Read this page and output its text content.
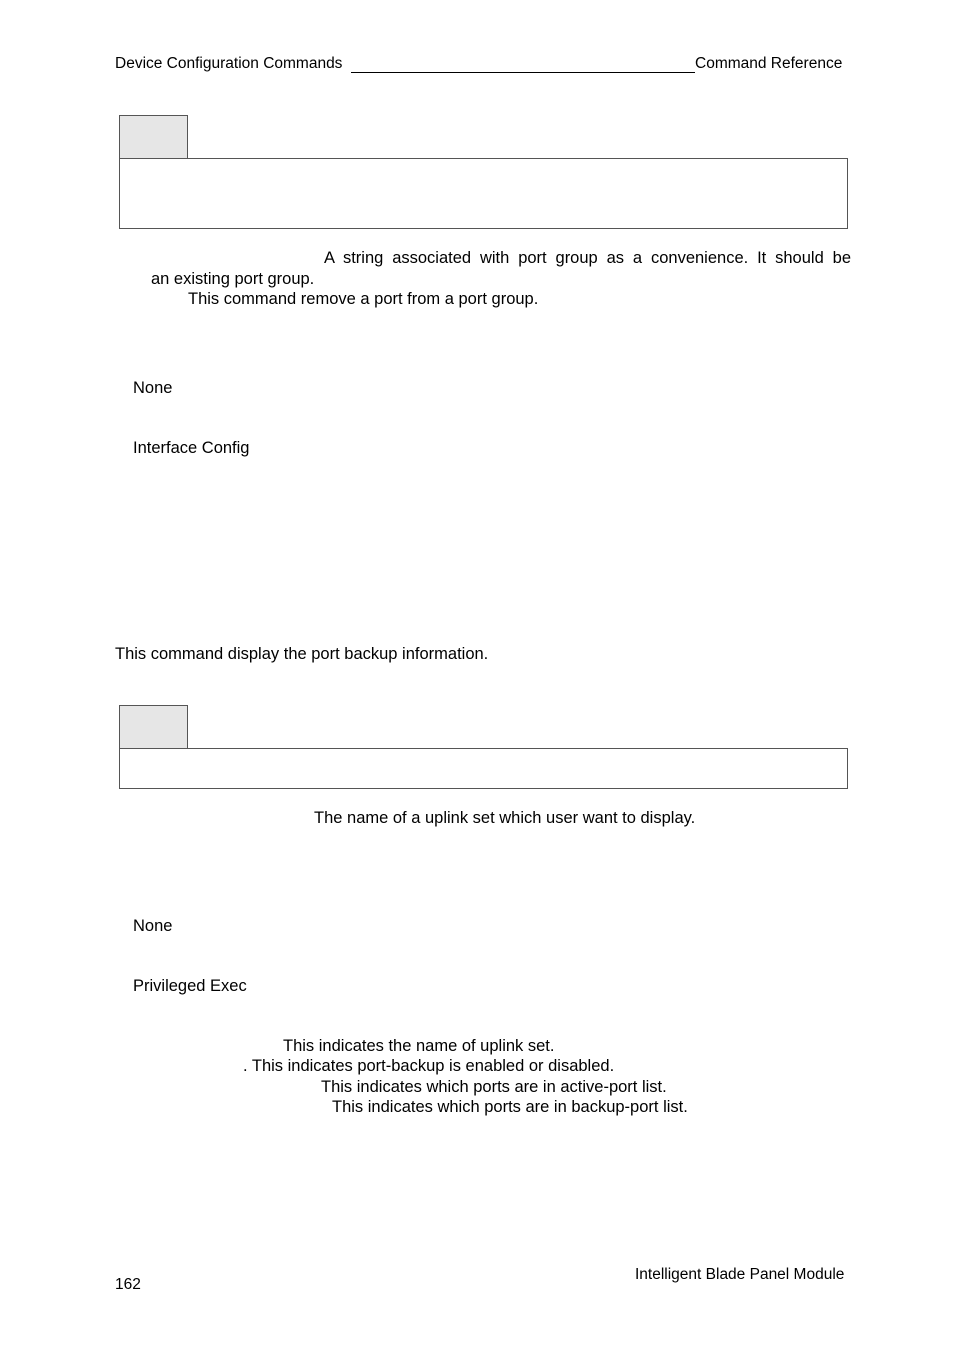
Device Configuration Commands	Command Reference
A string associated with port group as a convenience. It should be
an existing port group.
This command remove a port from a port group.
None
Interface Config
This command display the port backup information.
The name of a uplink set which user want to display.
None
Privileged Exec
This indicates the name of uplink set.
. This indicates port-backup is enabled or disabled.
This indicates which ports are in active-port list.
This indicates which ports are in backup-port list.
162
Intelligent Blade Panel Module
